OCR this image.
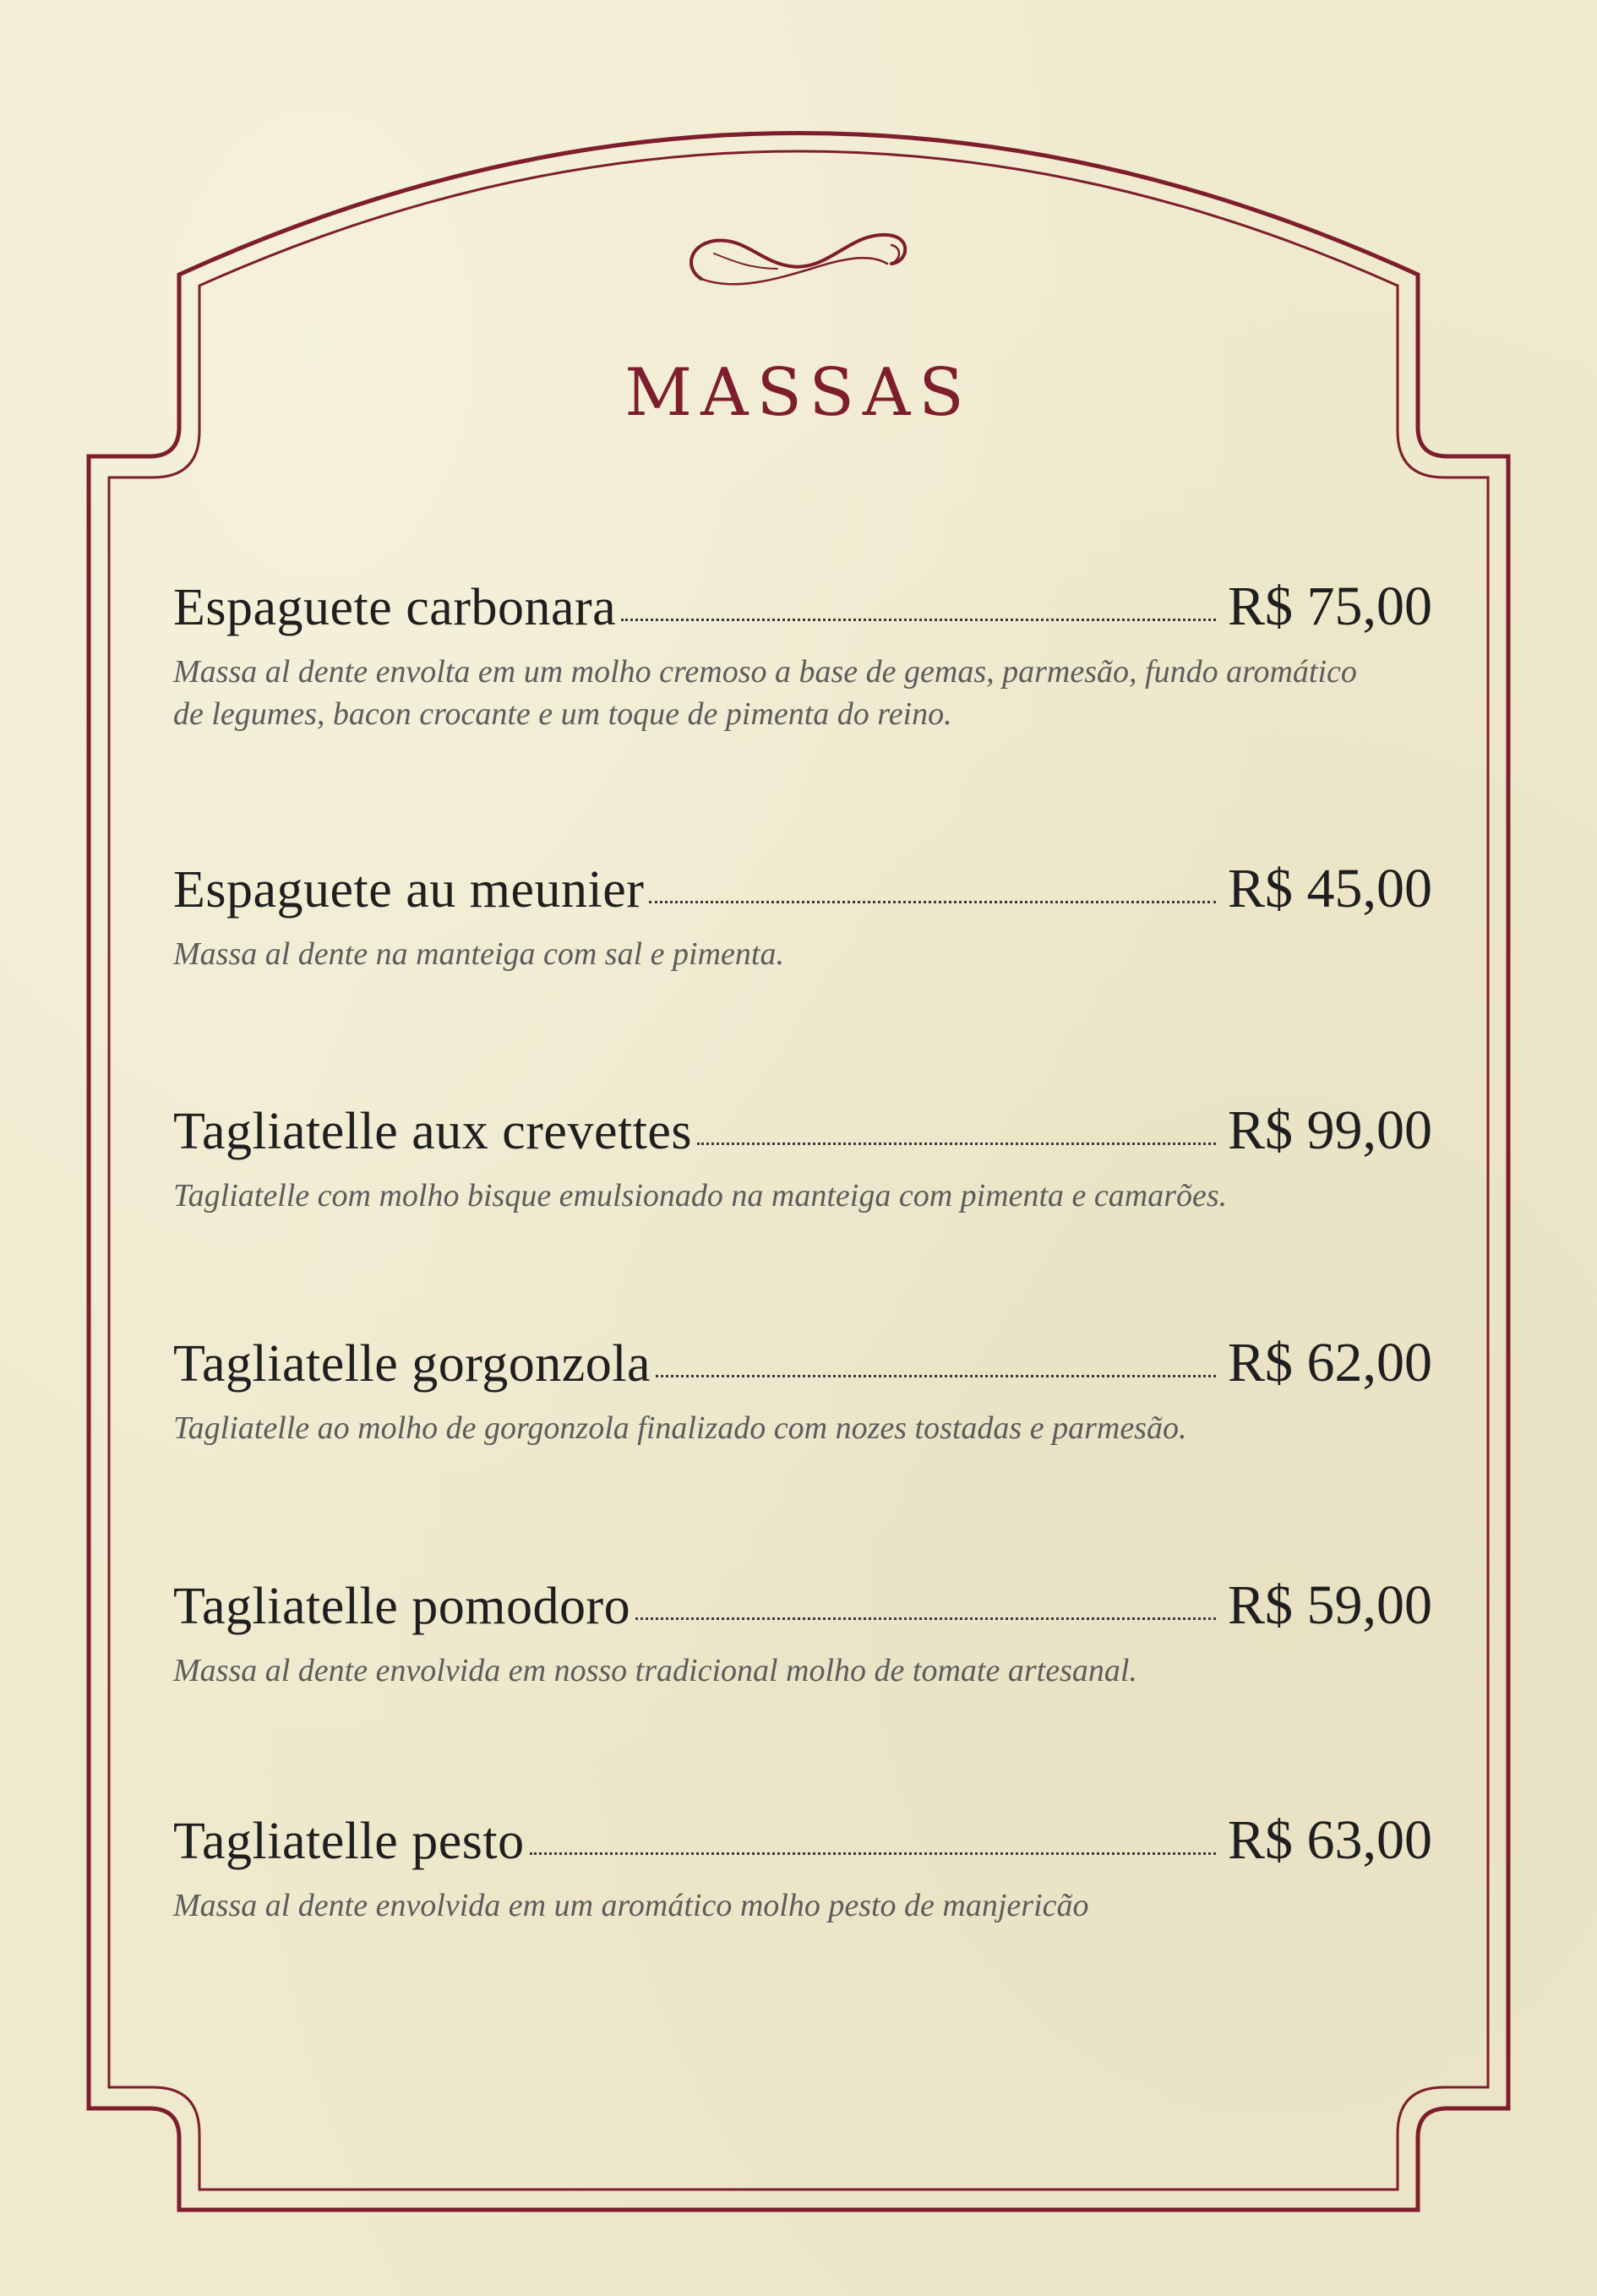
MASSAS
Espaguete carbonara	R$ 75,00
Massa al dente envolta em um molho cremoso a base de gemas, parmesão, fundo aromático de legumes, bacon crocante e um toque de pimenta do reino.
Espaguete au meunier	R$ 45,00
Massa al dente na manteiga com sal e pimenta.
Tagliatelle aux crevettes	R$ 99,00
Tagliatelle com molho bisque emulsionado na manteiga com pimenta e camarões.
Tagliatelle gorgonzola	R$ 62,00
Tagliatelle ao molho de gorgonzola finalizado com nozes tostadas e parmesão.
Tagliatelle pomodoro	R$ 59,00
Massa al dente envolvida em nosso tradicional molho de tomate artesanal.
Tagliatelle pesto	R$ 63,00
Massa al dente envolvida em um aromático molho pesto de manjericão
